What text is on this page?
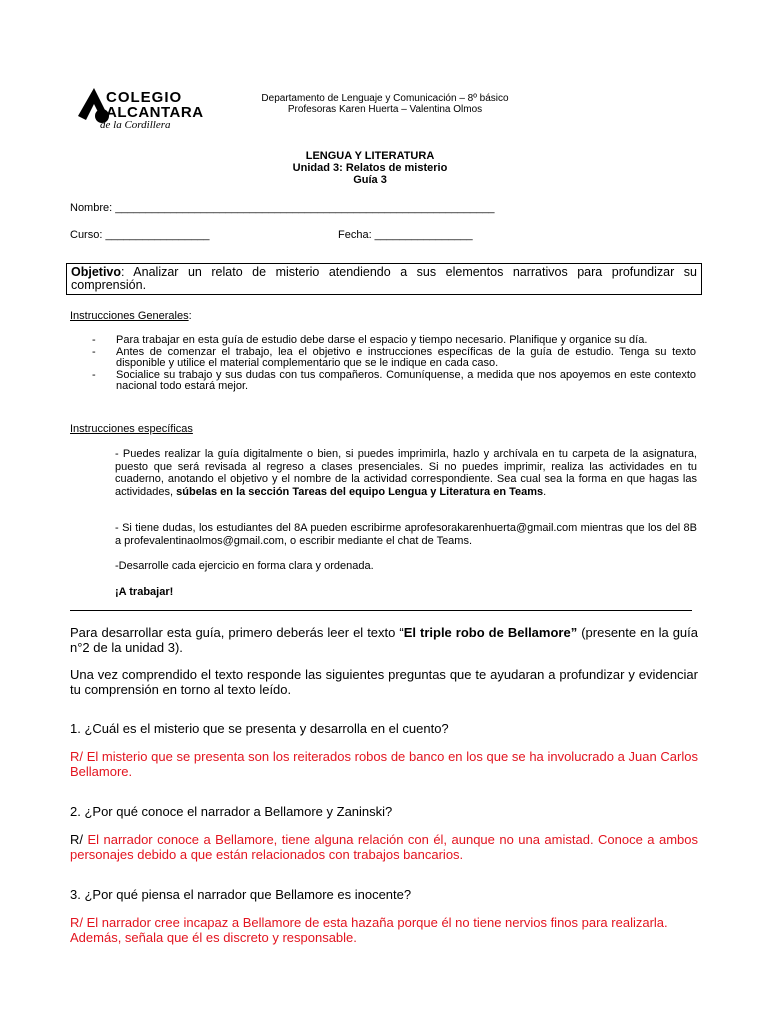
COLEGIO
ALCANTARA
de la Cordillera
Departamento de Lenguaje y Comunicación – 8º básico
Profesoras Karen Huerta – Valentina Olmos
LENGUA Y LITERATURA
Unidad 3: Relatos de misterio
Guía 3
Nombre: ______________________________________________________________
Curso: _________________	Fecha: ________________
Objetivo: Analizar un relato de misterio atendiendo a sus elementos narrativos para profundizar su comprensión.
Instrucciones Generales:
- Para trabajar en esta guía de estudio debe darse el espacio y tiempo necesario. Planifique y organice su día.
- Antes de comenzar el trabajo, lea el objetivo e instrucciones específicas de la guía de estudio. Tenga su texto disponible y utilice el material complementario que se le indique en cada caso.
- Socialice su trabajo y sus dudas con tus compañeros. Comuníquense, a medida que nos apoyemos en este contexto nacional todo estará mejor.
Instrucciones específicas
- Puedes realizar la guía digitalmente o bien, si puedes imprimirla, hazlo y archívala en tu carpeta de la asignatura, puesto que será revisada al regreso a clases presenciales. Si no puedes imprimir, realiza las actividades en tu cuaderno, anotando el objetivo y el nombre de la actividad correspondiente. Sea cual sea la forma en que hagas las actividades, súbelas en la sección Tareas del equipo Lengua y Literatura en Teams.
- Si tiene dudas, los estudiantes del 8A pueden escribirme aprofesorakarenhuerta@gmail.com mientras que los del 8B a profevalentinaolmos@gmail.com, o escribir mediante el chat de Teams.
-Desarrolle cada ejercicio en forma clara y ordenada.
¡A trabajar!
Para desarrollar esta guía, primero deberás leer el texto “El triple robo de Bellamore” (presente en la guía n°2 de la unidad 3).
Una vez comprendido el texto responde las siguientes preguntas que te ayudaran a profundizar y evidenciar tu comprensión en torno al texto leído.
1. ¿Cuál es el misterio que se presenta y desarrolla en el cuento?
R/ El misterio que se presenta son los reiterados robos de banco en los que se ha involucrado a Juan Carlos Bellamore.
2. ¿Por qué conoce el narrador a Bellamore y Zaninski?
R/ El narrador conoce a Bellamore, tiene alguna relación con él, aunque no una amistad. Conoce a ambos personajes debido a que están relacionados con trabajos bancarios.
3. ¿Por qué piensa el narrador que Bellamore es inocente?
R/ El narrador cree incapaz a Bellamore de esta hazaña porque él no tiene nervios finos para realizarla.
Además, señala que él es discreto y responsable.
